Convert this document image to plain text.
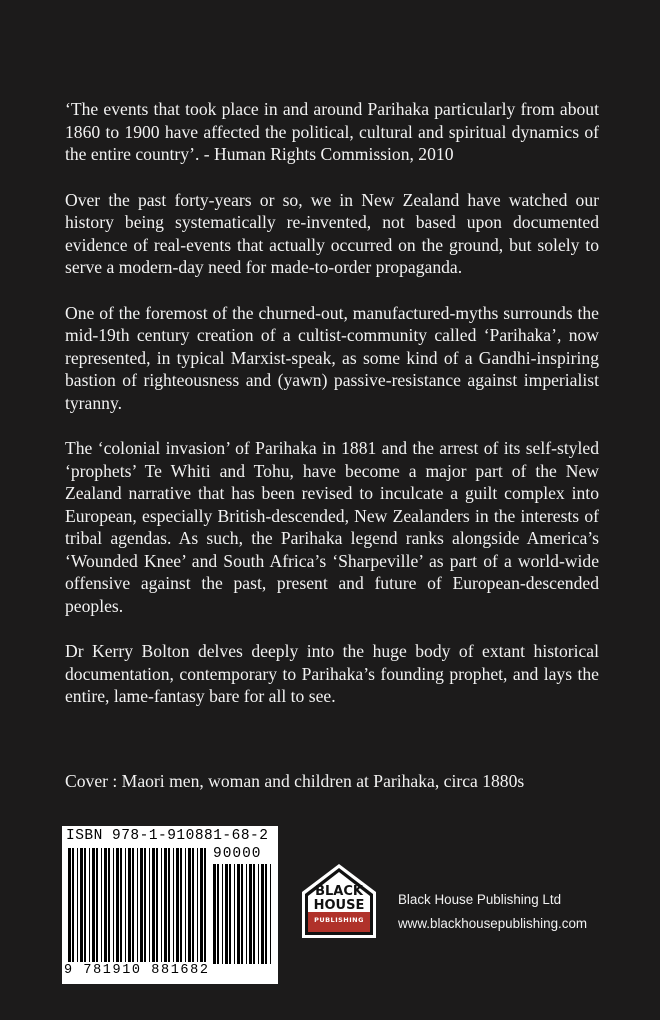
‘The events that took place in and around Parihaka particularly from about 1860 to 1900 have affected the political, cultural and spiritual dynamics of the entire country’. - Human Rights Commission, 2010

Over the past forty-years or so, we in New Zealand have watched our history being systematically re-invented, not based upon documented evidence of real-events that actually occurred on the ground, but solely to serve a modern-day need for made-to-order propaganda.

One of the foremost of the churned-out, manufactured-myths surrounds the mid-19th century creation of a cultist-community called ‘Parihaka’, now represented, in typical Marxist-speak, as some kind of a Gandhi-inspiring bastion of righteousness and (yawn) passive-resistance against imperialist tyranny.

The ‘colonial invasion’ of Parihaka in 1881 and the arrest of its self-styled ‘prophets’ Te Whiti and Tohu, have become a major part of the New Zealand narrative that has been revised to inculcate a guilt complex into European, especially British-descended, New Zealanders in the interests of tribal agendas. As such, the Parihaka legend ranks alongside America’s ‘Wounded Knee’ and South Africa’s ‘Sharpeville’ as part of a world-wide offensive against the past, present and future of European-descended peoples.

Dr Kerry Bolton delves deeply into the huge body of extant historical documentation, contemporary to Parihaka’s founding prophet, and lays the entire, lame-fantasy bare for all to see.

Cover : Maori men, woman and children at Parihaka, circa 1880s
ISBN 978-1-910881-68-2
90000
9 781910 881682
BLACK
HOUSE
PUBLISHING
Black House Publishing Ltd
www.blackhousepublishing.com
